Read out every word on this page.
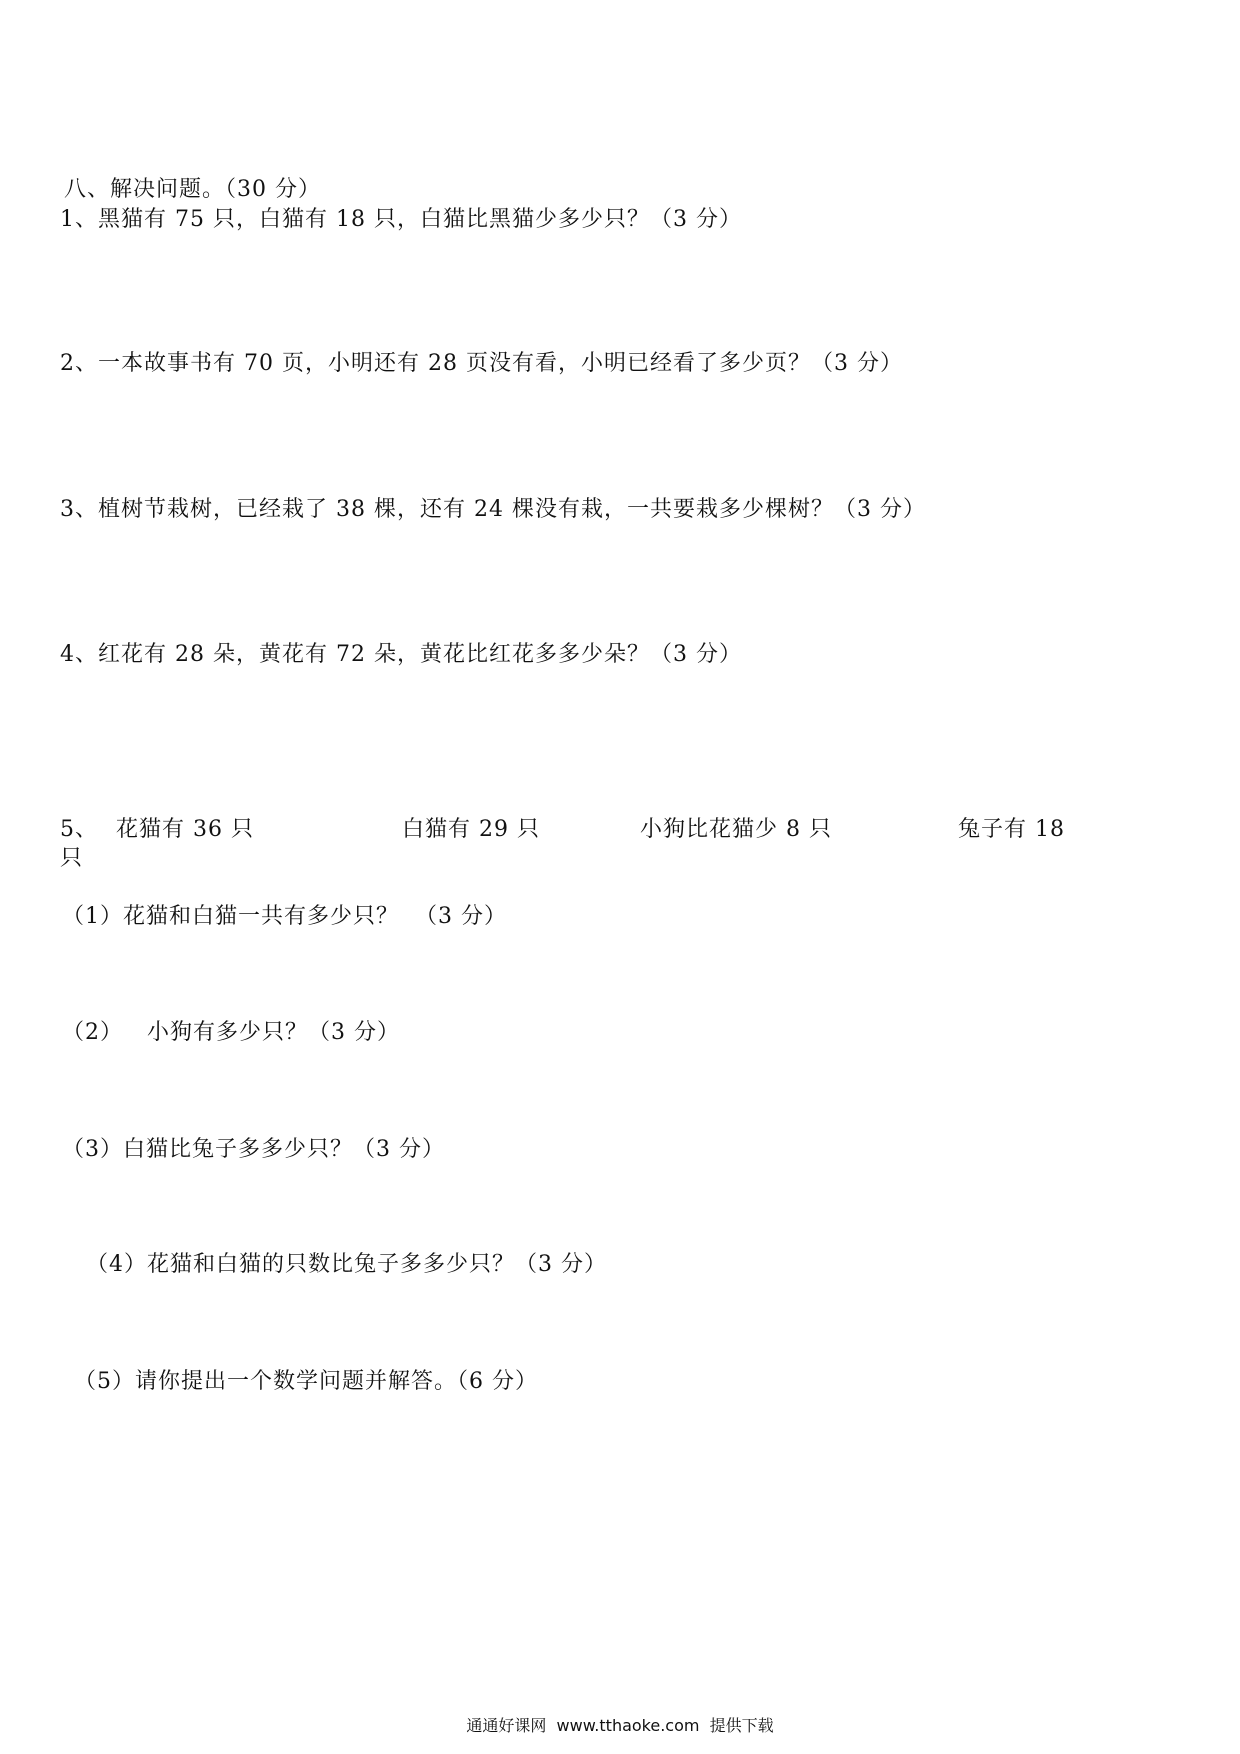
八、解决问题。（30 分）
1、黑猫有 75 只，白猫有 18 只，白猫比黑猫少多少只？（3 分）
2、一本故事书有 70 页，小明还有 28 页没有看，小明已经看了多少页？（3 分）
3、植树节栽树，已经栽了 38 棵，还有 24 棵没有栽，一共要栽多少棵树？（3 分）
4、红花有 28 朵，黄花有 72 朵，黄花比红花多多少朵？（3 分）
5、 花猫有 36 只	白猫有 29 只	小狗比花猫少 8 只	兔子有 18
只
（1）花猫和白猫一共有多少只？  （3 分）
（2）   小狗有多少只？（3 分）
（3）白猫比兔子多多少只？（3 分）
（4）花猫和白猫的只数比兔子多多少只？（3 分）
（5）请你提出一个数学问题并解答。（6 分）
通通好课网  www.tthaoke.com  提供下载
